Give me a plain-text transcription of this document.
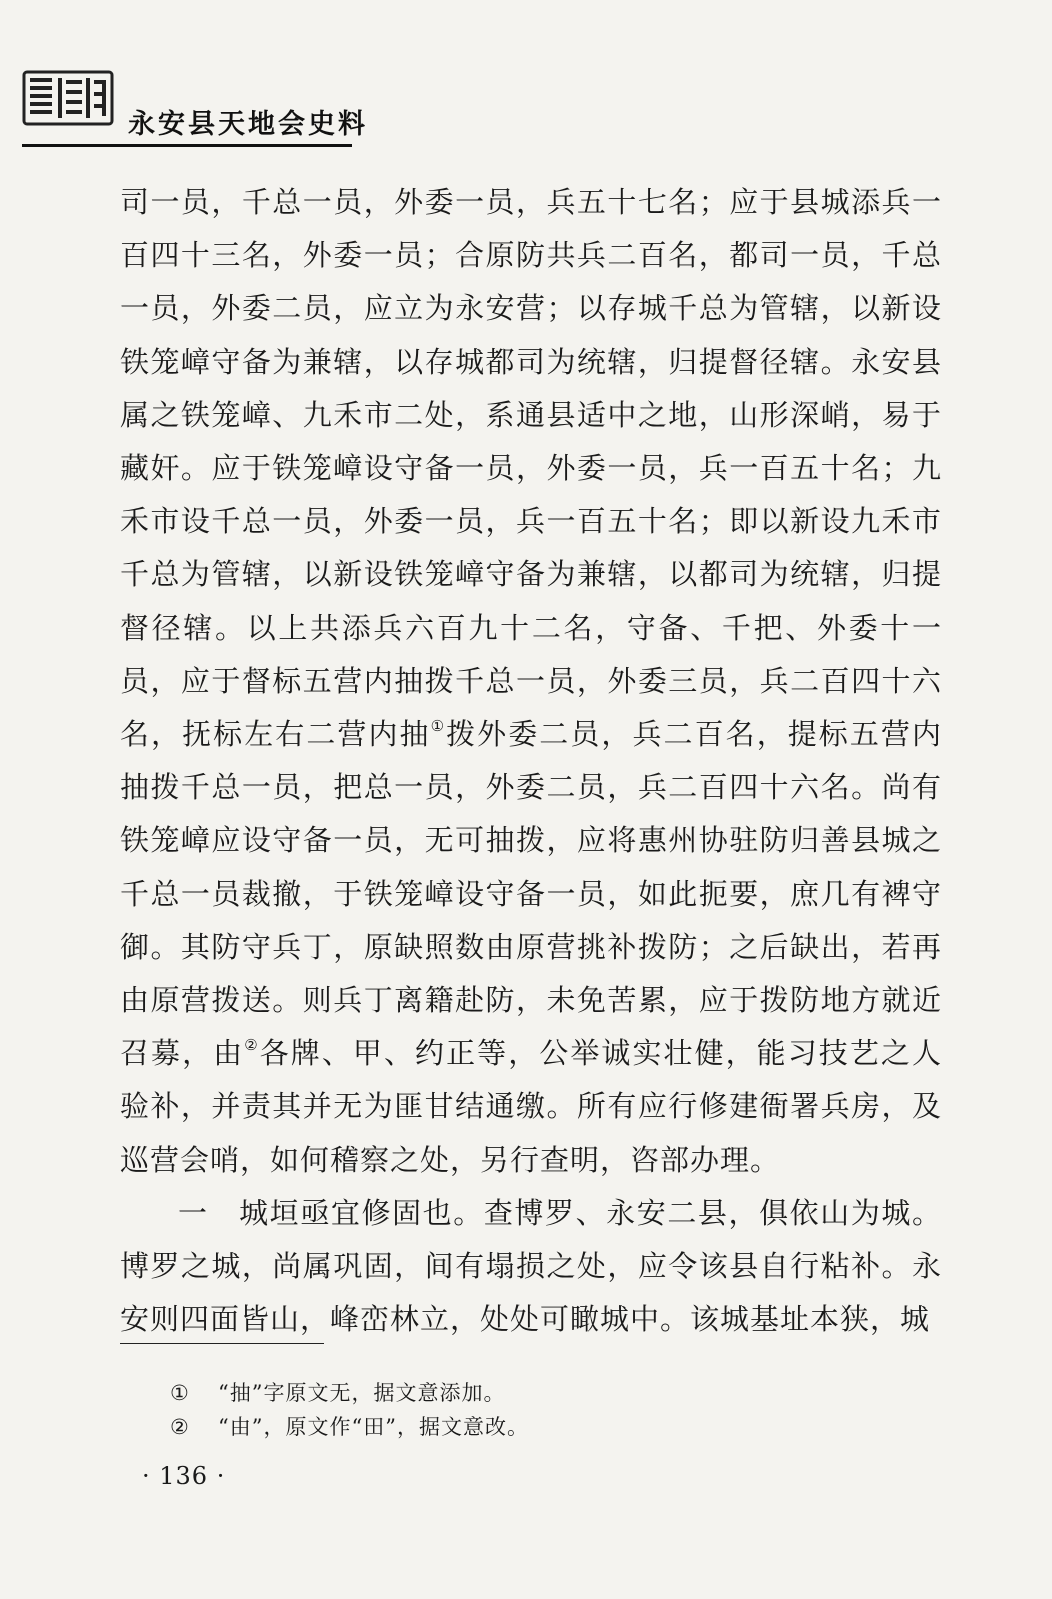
永安县天地会史料

司一员，千总一员，外委一员，兵五十七名；应于县城添兵一百四十三名，外委一员；合原防共兵二百名，都司一员，千总一员，外委二员，应立为永安营；以存城千总为管辖，以新设铁笼嶂守备为兼辖，以存城都司为统辖，归提督径辖。永安县属之铁笼嶂、九禾市二处，系通县适中之地，山形深峭，易于藏奸。应于铁笼嶂设守备一员，外委一员，兵一百五十名；九禾市设千总一员，外委一员，兵一百五十名；即以新设九禾市千总为管辖，以新设铁笼嶂守备为兼辖，以都司为统辖，归提督径辖。以上共添兵六百九十二名，守备、千把、外委十一员，应于督标五营内抽拨千总一员，外委三员，兵二百四十六名，抚标左右二营内抽①拨外委二员，兵二百名，提标五营内抽拨千总一员，把总一员，外委二员，兵二百四十六名。尚有铁笼嶂应设守备一员，无可抽拨，应将惠州协驻防归善县城之千总一员裁撤，于铁笼嶂设守备一员，如此扼要，庶几有裨守御。其防守兵丁，原缺照数由原营挑补拨防；之后缺出，若再由原营拨送。则兵丁离籍赴防，未免苦累，应于拨防地方就近召募，由②各牌、甲、约正等，公举诚实壮健，能习技艺之人验补，并责其并无为匪甘结通缴。所有应行修建衙署兵房，及巡营会哨，如何稽察之处，另行查明，咨部办理。

一　城垣亟宜修固也。查博罗、永安二县，俱依山为城。博罗之城，尚属巩固，间有塌损之处，应令该县自行粘补。永安则四面皆山，峰峦林立，处处可瞰城中。该城基址本狭，城

① “抽”字原文无，据文意添加。
② “由”，原文作“田”，据文意改。
· 136 ·
